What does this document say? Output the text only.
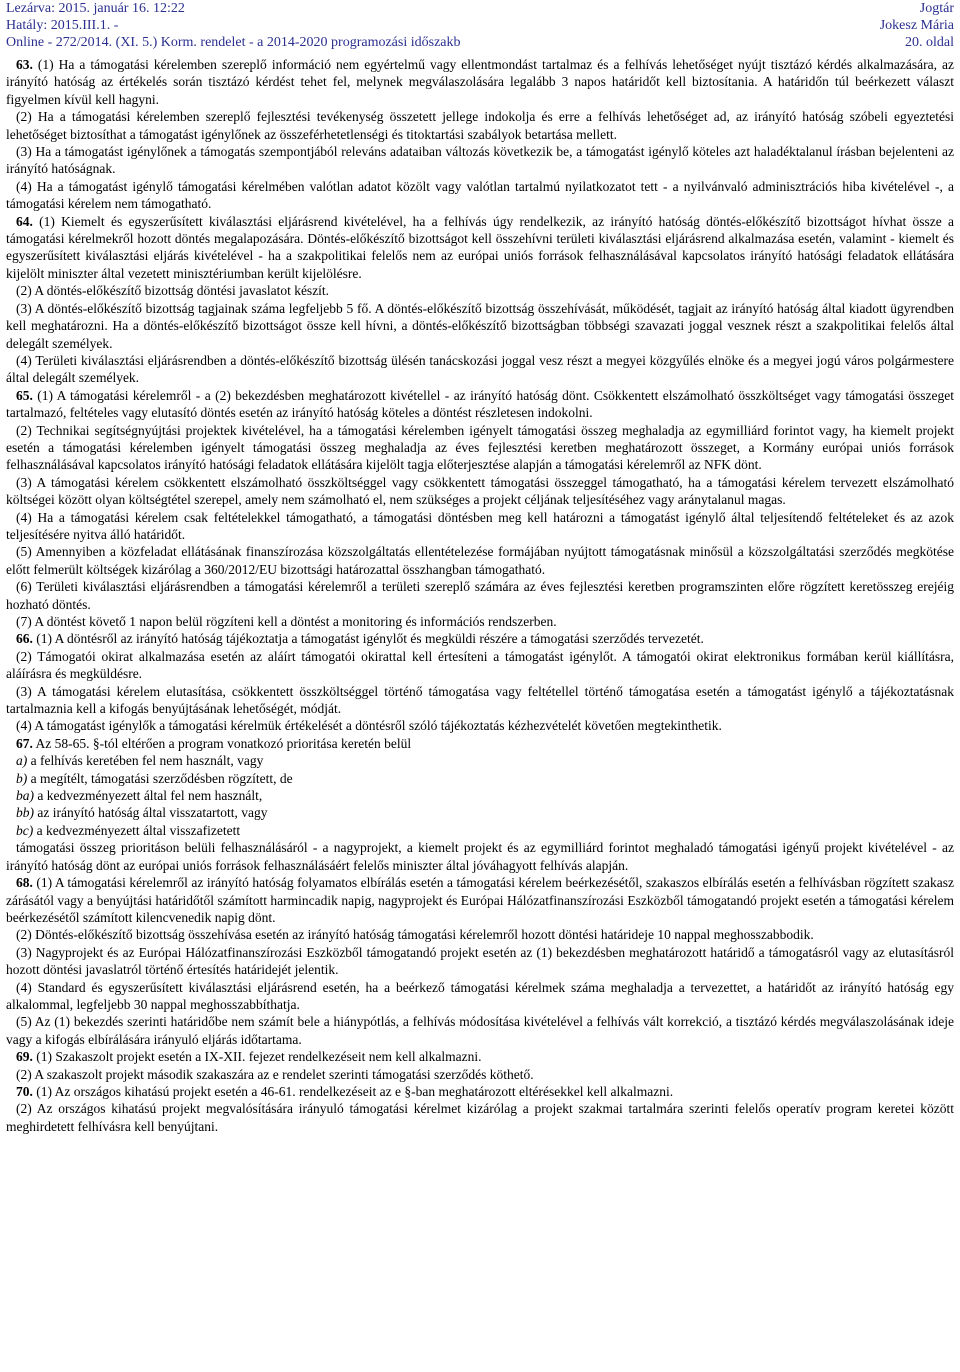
Lezárva: 2015. január 16. 12:22
Hatály: 2015.III.1. -
Online - 272/2014. (XI. 5.) Korm. rendelet - a 2014-2020 programozási időszakb
Jogtár
Jokesz Mária
20. oldal

63. (1) Ha a támogatási kérelemben szereplő információ nem egyértelmű vagy ellentmondást tartalmaz és a felhívás lehetőséget nyújt tisztázó kérdés alkalmazására, az irányító hatóság az értékelés során tisztázó kérdést tehet fel, melynek megválaszolására legalább 3 napos határidőt kell biztosítania. A határidőn túl beérkezett választ figyelmen kívül kell hagyni.

(2) Ha a támogatási kérelemben szereplő fejlesztési tevékenység összetett jellege indokolja és erre a felhívás lehetőséget ad, az irányító hatóság szóbeli egyeztetési lehetőséget biztosíthat a támogatást igénylőnek az összeférhetetlenségi és titoktartási szabályok betartása mellett.

(3) Ha a támogatást igénylőnek a támogatás szempontjából releváns adataiban változás következik be, a támogatást igénylő köteles azt haladéktalanul írásban bejelenteni az irányító hatóságnak.

(4) Ha a támogatást igénylő támogatási kérelmében valótlan adatot közölt vagy valótlan tartalmú nyilatkozatot tett - a nyilvánvaló adminisztrációs hiba kivételével -, a támogatási kérelem nem támogatható.

64. (1) Kiemelt és egyszerűsített kiválasztási eljárásrend kivételével, ha a felhívás úgy rendelkezik, az irányító hatóság döntés-előkészítő bizottságot hívhat össze a támogatási kérelmekről hozott döntés megalapozására. Döntés-előkészítő bizottságot kell összehívni területi kiválasztási eljárásrend alkalmazása esetén, valamint - kiemelt és egyszerűsített kiválasztási eljárás kivételével - ha a szakpolitikai felelős nem az európai uniós források felhasználásával kapcsolatos irányító hatósági feladatok ellátására kijelölt miniszter által vezetett minisztériumban került kijelölésre.

(2) A döntés-előkészítő bizottság döntési javaslatot készít.

(3) A döntés-előkészítő bizottság tagjainak száma legfeljebb 5 fő. A döntés-előkészítő bizottság összehívását, működését, tagjait az irányító hatóság által kiadott ügyrendben kell meghatározni. Ha a döntés-előkészítő bizottságot össze kell hívni, a döntés-előkészítő bizottságban többségi szavazati joggal vesznek részt a szakpolitikai felelős által delegált személyek.

(4) Területi kiválasztási eljárásrendben a döntés-előkészítő bizottság ülésén tanácskozási joggal vesz részt a megyei közgyűlés elnöke és a megyei jogú város polgármestere által delegált személyek.

65. (1) A támogatási kérelemről - a (2) bekezdésben meghatározott kivétellel - az irányító hatóság dönt. Csökkentett elszámolható összköltséget vagy támogatási összeget tartalmazó, feltételes vagy elutasító döntés esetén az irányító hatóság köteles a döntést részletesen indokolni.

(2) Technikai segítségnyújtási projektek kivételével, ha a támogatási kérelemben igényelt támogatási összeg meghaladja az egymilliárd forintot vagy, ha kiemelt projekt esetén a támogatási kérelemben igényelt támogatási összeg meghaladja az éves fejlesztési keretben meghatározott összeget, a Kormány európai uniós források felhasználásával kapcsolatos irányító hatósági feladatok ellátására kijelölt tagja előterjesztése alapján a támogatási kérelemről az NFK dönt.

(3) A támogatási kérelem csökkentett elszámolható összköltséggel vagy csökkentett támogatási összeggel támogatható, ha a támogatási kérelem tervezett elszámolható költségei között olyan költségtétel szerepel, amely nem számolható el, nem szükséges a projekt céljának teljesítéséhez vagy aránytalanul magas.

(4) Ha a támogatási kérelem csak feltételekkel támogatható, a támogatási döntésben meg kell határozni a támogatást igénylő által teljesítendő feltételeket és az azok teljesítésére nyitva álló határidőt.

(5) Amennyiben a közfeladat ellátásának finanszírozása közszolgáltatás ellentételezése formájában nyújtott támogatásnak minősül a közszolgáltatási szerződés megkötése előtt felmerült költségek kizárólag a 360/2012/EU bizottsági határozattal összhangban támogatható.

(6) Területi kiválasztási eljárásrendben a támogatási kérelemről a területi szereplő számára az éves fejlesztési keretben programszinten előre rögzített keretösszeg erejéig hozható döntés.

(7) A döntést követő 1 napon belül rögzíteni kell a döntést a monitoring és információs rendszerben.

66. (1) A döntésről az irányító hatóság tájékoztatja a támogatást igénylőt és megküldi részére a támogatási szerződés tervezetét.

(2) Támogatói okirat alkalmazása esetén az aláírt támogatói okirattal kell értesíteni a támogatást igénylőt. A támogatói okirat elektronikus formában kerül kiállításra, aláírásra és megküldésre.

(3) A támogatási kérelem elutasítása, csökkentett összköltséggel történő támogatása vagy feltétellel történő támogatása esetén a támogatást igénylő a tájékoztatásnak tartalmaznia kell a kifogás benyújtásának lehetőségét, módját.

(4) A támogatást igénylők a támogatási kérelmük értékelését a döntésről szóló tájékoztatás kézhezvételét követően megtekinthetik.

67. Az 58-65. §-tól eltérően a program vonatkozó prioritása keretén belül

a) a felhívás keretében fel nem használt, vagy

b) a megítélt, támogatási szerződésben rögzített, de

ba) a kedvezményezett által fel nem használt,

bb) az irányító hatóság által visszatartott, vagy

bc) a kedvezményezett által visszafizetett

támogatási összeg prioritáson belüli felhasználásáról - a nagyprojekt, a kiemelt projekt és az egymilliárd forintot meghaladó támogatási igényű projekt kivételével - az irányító hatóság dönt az európai uniós források felhasználásáért felelős miniszter által jóváhagyott felhívás alapján.

68. (1) A támogatási kérelemről az irányító hatóság folyamatos elbírálás esetén a támogatási kérelem beérkezésétől, szakaszos elbírálás esetén a felhívásban rögzített szakasz zárásától vagy a benyújtási határidőtől számított harmincadik napig, nagyprojekt és Európai Hálózatfinanszírozási Eszközből támogatandó projekt esetén a támogatási kérelem beérkezésétől számított kilencvenedik napig dönt.

(2) Döntés-előkészítő bizottság összehívása esetén az irányító hatóság támogatási kérelemről hozott döntési határideje 10 nappal meghosszabbodik.

(3) Nagyprojekt és az Európai Hálózatfinanszírozási Eszközből támogatandó projekt esetén az (1) bekezdésben meghatározott határidő a támogatásról vagy az elutasításról hozott döntési javaslatról történő értesítés határidejét jelentik.

(4) Standard és egyszerűsített kiválasztási eljárásrend esetén, ha a beérkező támogatási kérelmek száma meghaladja a tervezettet, a határidőt az irányító hatóság egy alkalommal, legfeljebb 30 nappal meghosszabbíthatja.

(5) Az (1) bekezdés szerinti határidőbe nem számít bele a hiánypótlás, a felhívás módosítása kivételével a felhívás vált korrekció, a tisztázó kérdés megválaszolásának ideje vagy a kifogás elbírálására irányuló eljárás időtartama.

69. (1) Szakaszolt projekt esetén a IX-XII. fejezet rendelkezéseit nem kell alkalmazni.

(2) A szakaszolt projekt második szakaszára az e rendelet szerinti támogatási szerződés köthető.

70. (1) Az országos kihatású projekt esetén a 46-61. rendelkezéseit az e §-ban meghatározott eltérésekkel kell alkalmazni.

(2) Az országos kihatású projekt megvalósítására irányuló támogatási kérelmet kizárólag a projekt szakmai tartalmára szerinti felelős operatív program keretei között meghirdetett felhívásra kell benyújtani.
